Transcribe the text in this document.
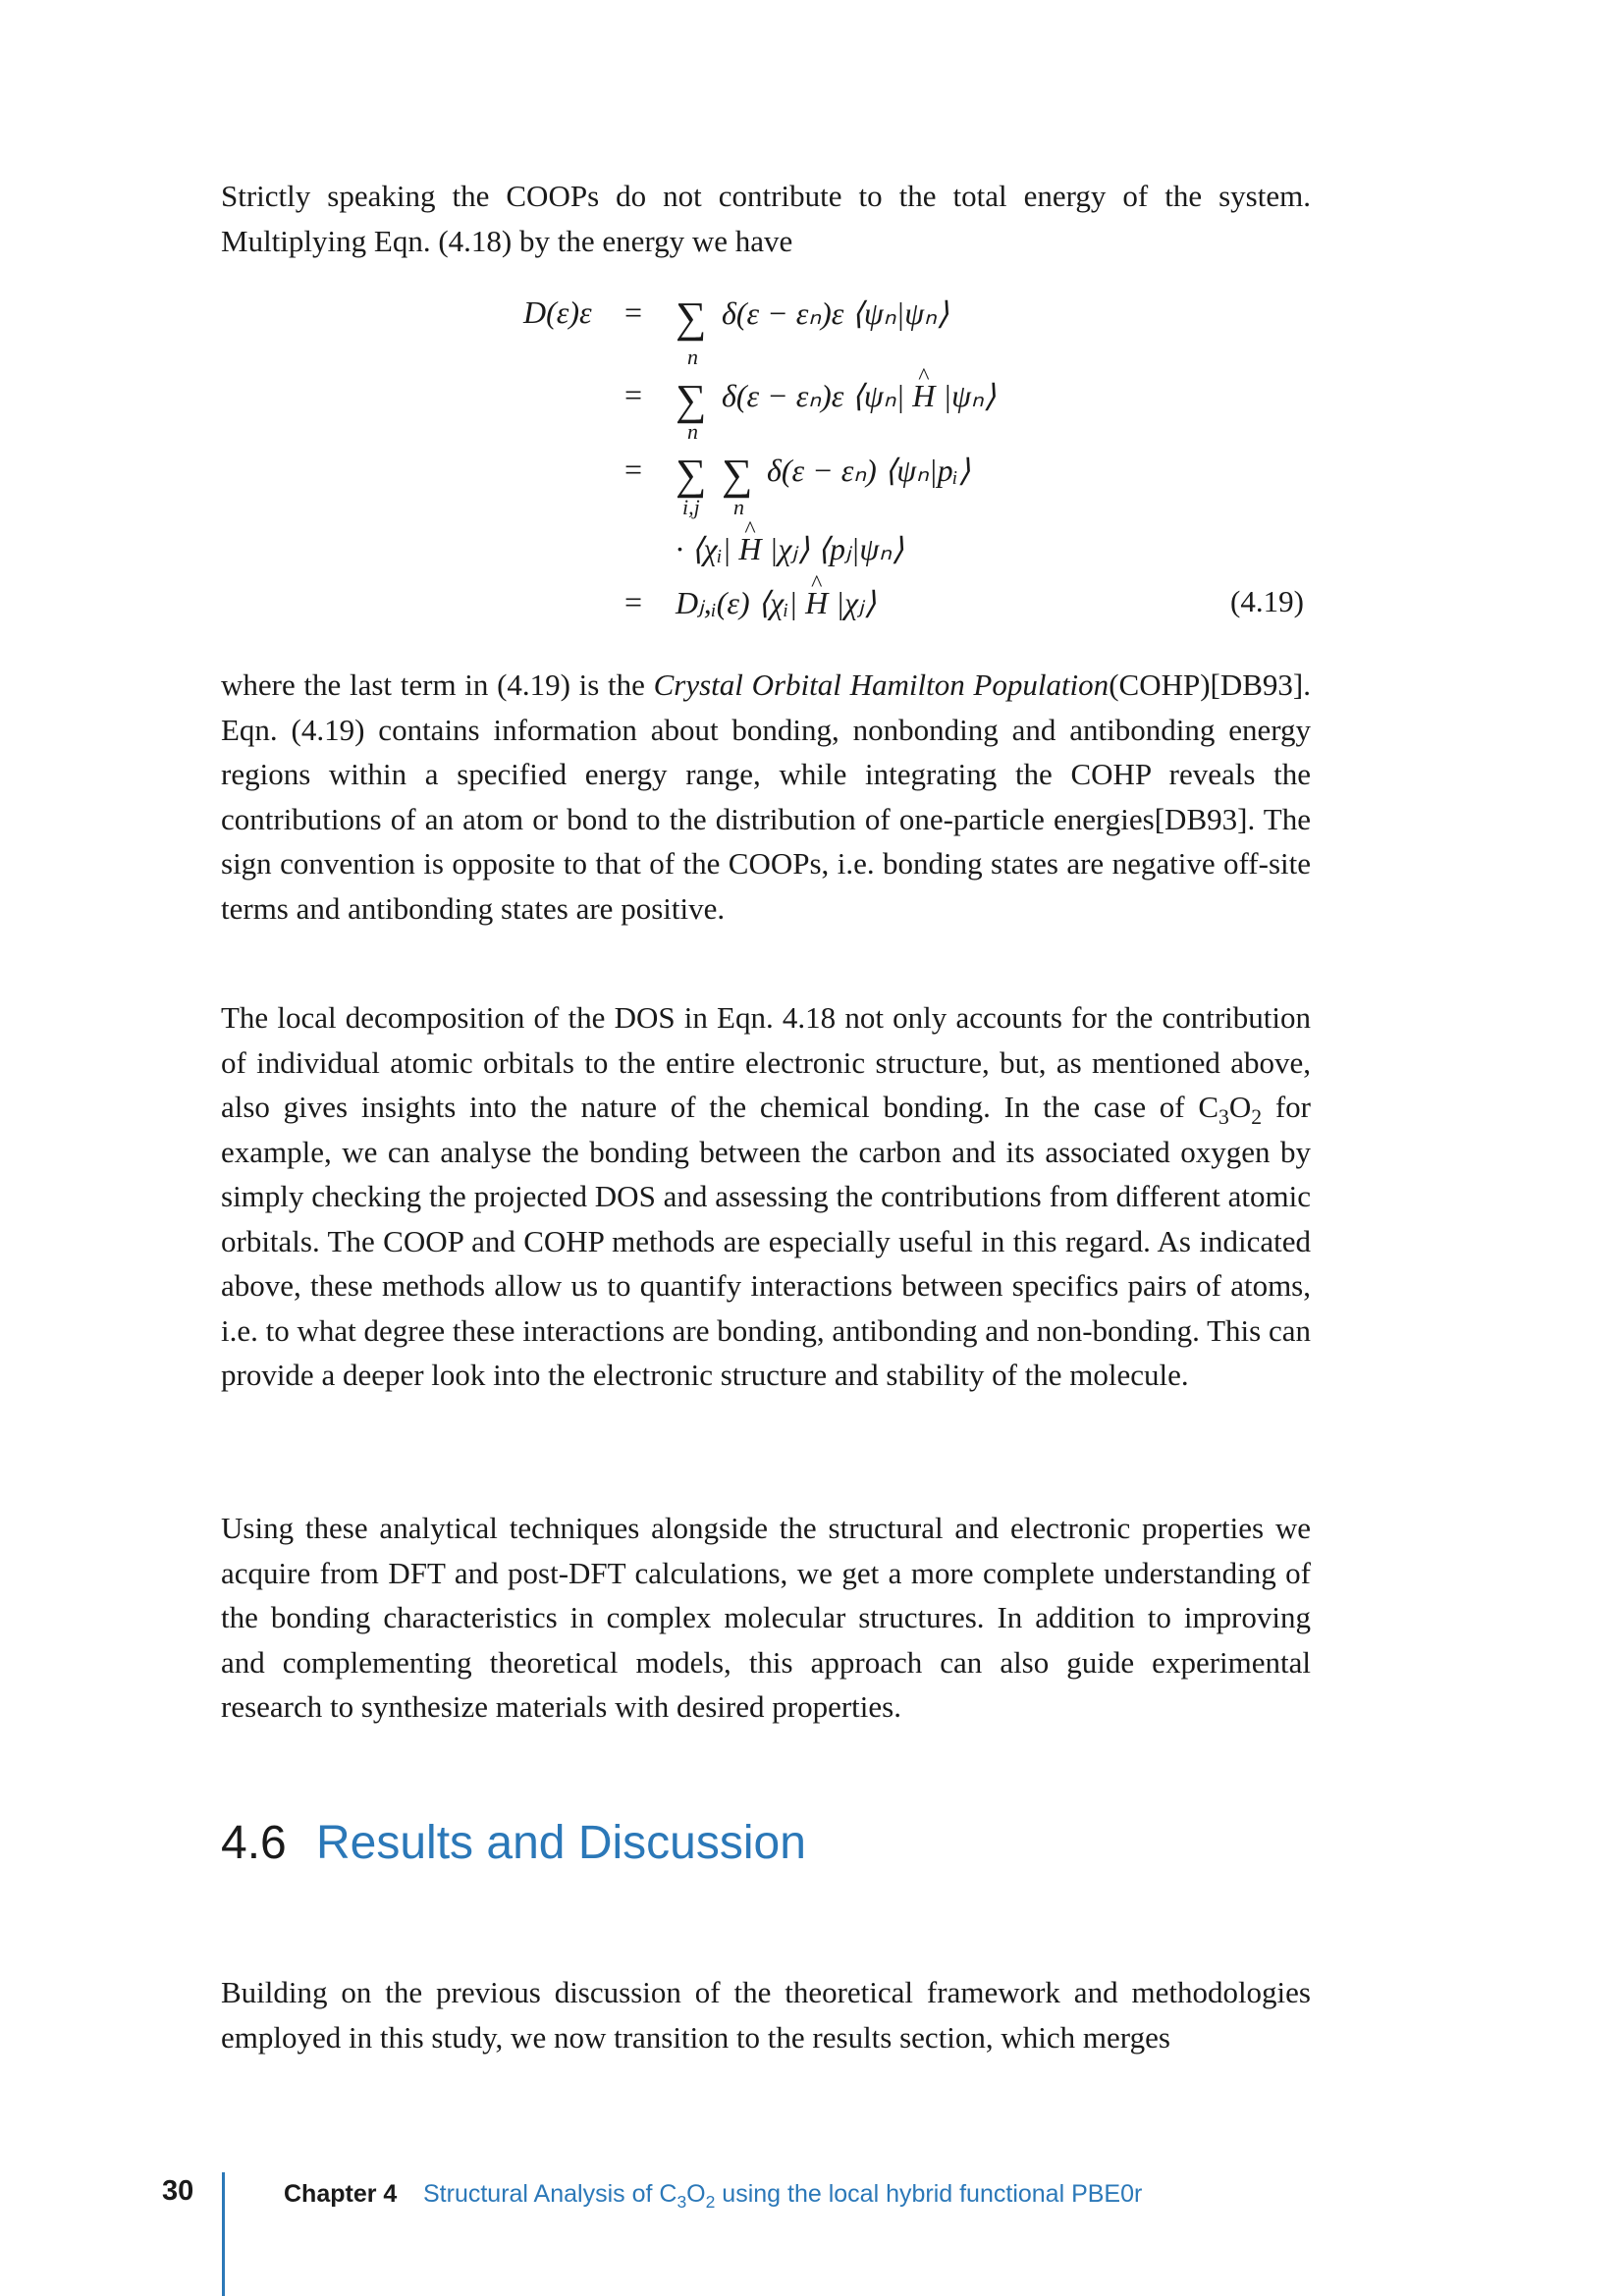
Strictly speaking the COOPs do not contribute to the total energy of the system. Multiplying Eqn. (4.18) by the energy we have

D(ε)ε = ∑
n
δ(ε − εₙ)ε ⟨ψₙ|ψₙ⟩
= ∑
n
δ(ε − εₙ)ε ⟨ψₙ| ^ H |ψₙ⟩
= ∑ ∑
i,j n
δ(ε − εₙ) ⟨ψₙ|pᵢ⟩
· ⟨χᵢ| ^ H |χⱼ⟩ ⟨pⱼ|ψₙ⟩
= Dⱼ,ᵢ(ε) ⟨χᵢ| ^ H |χⱼ⟩	(4.19)

where the last term in (4.19) is the Crystal Orbital Hamilton Population(COHP)[DB93]. Eqn. (4.19) contains information about bonding, nonbonding and antibonding energy regions within a specified energy range, while integrating the COHP reveals the contributions of an atom or bond to the distribution of one-particle energies[DB93]. The sign convention is opposite to that of the COOPs, i.e. bonding states are negative off-site terms and antibonding states are positive.

The local decomposition of the DOS in Eqn. 4.18 not only accounts for the contribution of individual atomic orbitals to the entire electronic structure, but, as mentioned above, also gives insights into the nature of the chemical bonding. In the case of $C_3O_2$ for example, we can analyse the bonding between the carbon and its associated oxygen by simply checking the projected DOS and assessing the contributions from different atomic orbitals. The COOP and COHP methods are especially useful in this regard. As indicated above, these methods allow us to quantify interactions between specifics pairs of atoms, i.e. to what degree these interactions are bonding, antibonding and non-bonding. This can provide a deeper look into the electronic structure and stability of the molecule.

Using these analytical techniques alongside the structural and electronic properties we acquire from DFT and post-DFT calculations, we get a more complete understanding of the bonding characteristics in complex molecular structures. In addition to improving and complementing theoretical models, this approach can also guide experimental research to synthesize materials with desired properties.

4.6 Results and Discussion

Building on the previous discussion of the theoretical framework and methodologies employed in this study, we now transition to the results section, which merges

30	Chapter 4 Structural Analysis of $C_3O_2$ using the local hybrid functional PBE0r
